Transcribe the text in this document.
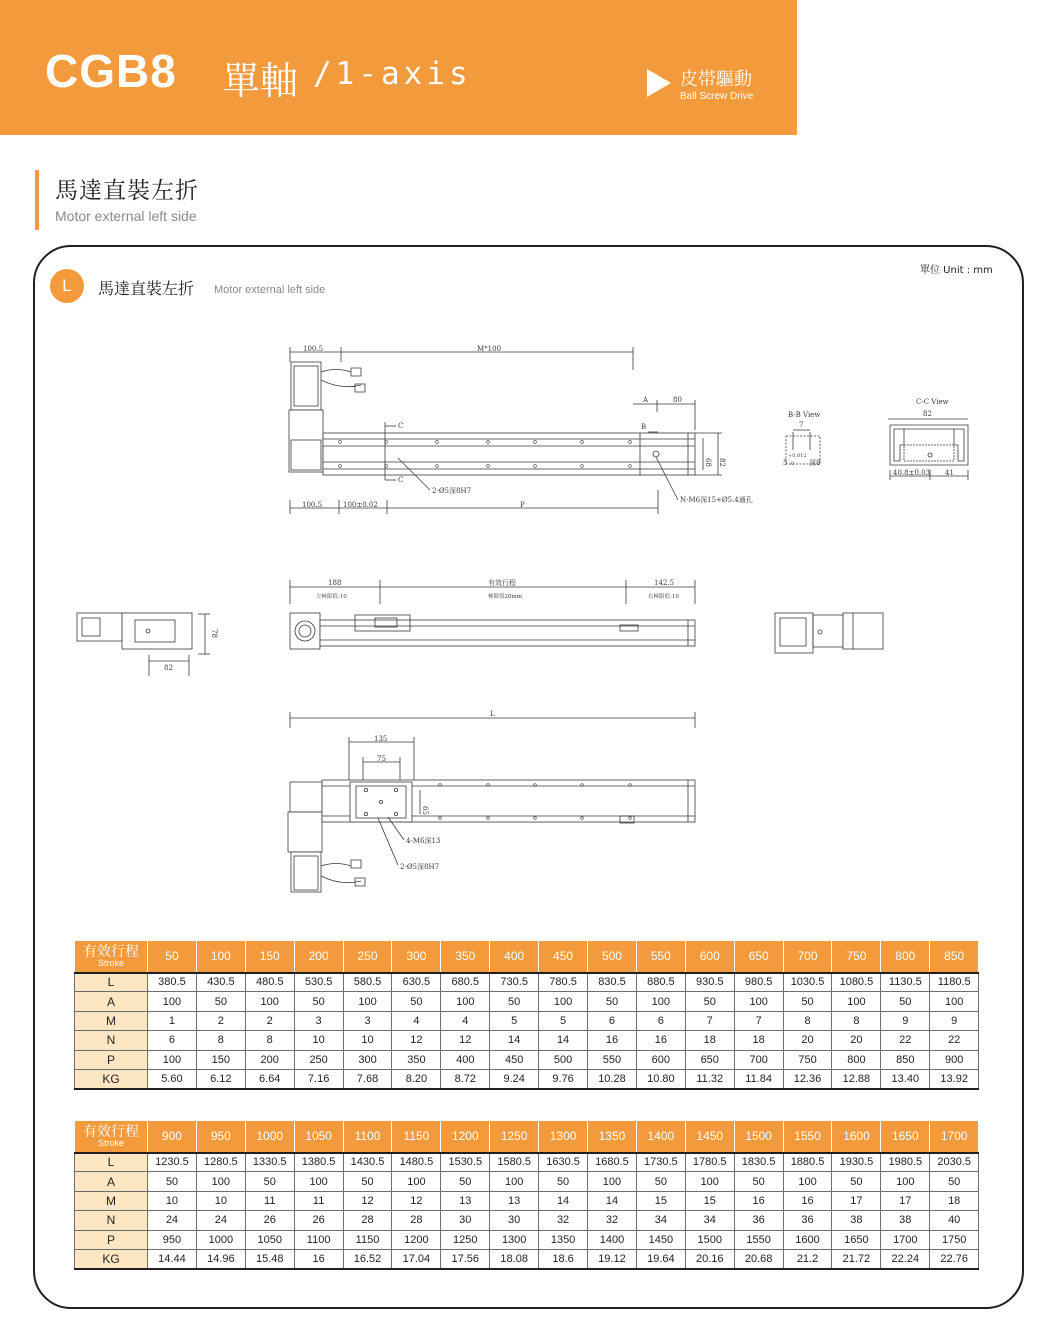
CGB8 單軸 /1-axis	皮帯驅動
Ball Screw Drive
馬達直裝左折
Motor external left side
單位 Unit : mm
L	馬達直裝左折 Motor external left side
100.5	M*100
C
C
2-Ø5深8H7
A	80
B
68 82
N-M6深15+Ø5.4通孔
100.5	100±0.02	P
B-B View
7
+0.012
5 0 深8
C-C View
82
40.8±0.03 41
188
左極限值:10
有效行程
極限值20mm
142.5
右極限值:10
78
82
L
135
75
65
4-M6深13
2-Ø5深8H7
有效行程
Stroke	50	100	150	200	250	300	350	400	450	500	550	600	650	700	750	800	850
L	380.5	430.5	480.5	530.5	580.5	630.5	680.5	730.5	780.5	830.5	880.5	930.5	980.5	1030.5	1080.5	1130.5	1180.5
A	100	50	100	50	100	50	100	50	100	50	100	50	100	50	100	50	100
M	1	2	2	3	3	4	4	5	5	6	6	7	7	8	8	9	9
N	6	8	8	10	10	12	12	14	14	16	16	18	18	20	20	22	22
P	100	150	200	250	300	350	400	450	500	550	600	650	700	750	800	850	900
KG	5.60	6.12	6.64	7.16	7.68	8.20	8.72	9.24	9.76	10.28	10.80	11.32	11.84	12.36	12.88	13.40	13.92
有效行程
Stroke	900	950	1000	1050	1100	1150	1200	1250	1300	1350	1400	1450	1500	1550	1600	1650	1700
L	1230.5	1280.5	1330.5	1380.5	1430.5	1480.5	1530.5	1580.5	1630.5	1680.5	1730.5	1780.5	1830.5	1880.5	1930.5	1980.5	2030.5
A	50	100	50	100	50	100	50	100	50	100	50	100	50	100	50	100	50
M	10	10	11	11	12	12	13	13	14	14	15	15	16	16	17	17	18
N	24	24	26	26	28	28	30	30	32	32	34	34	36	36	38	38	40
P	950	1000	1050	1100	1150	1200	1250	1300	1350	1400	1450	1500	1550	1600	1650	1700	1750
KG	14.44	14.96	15.48	16	16.52	17.04	17.56	18.08	18.6	19.12	19.64	20.16	20.68	21.2	21.72	22.24	22.76
